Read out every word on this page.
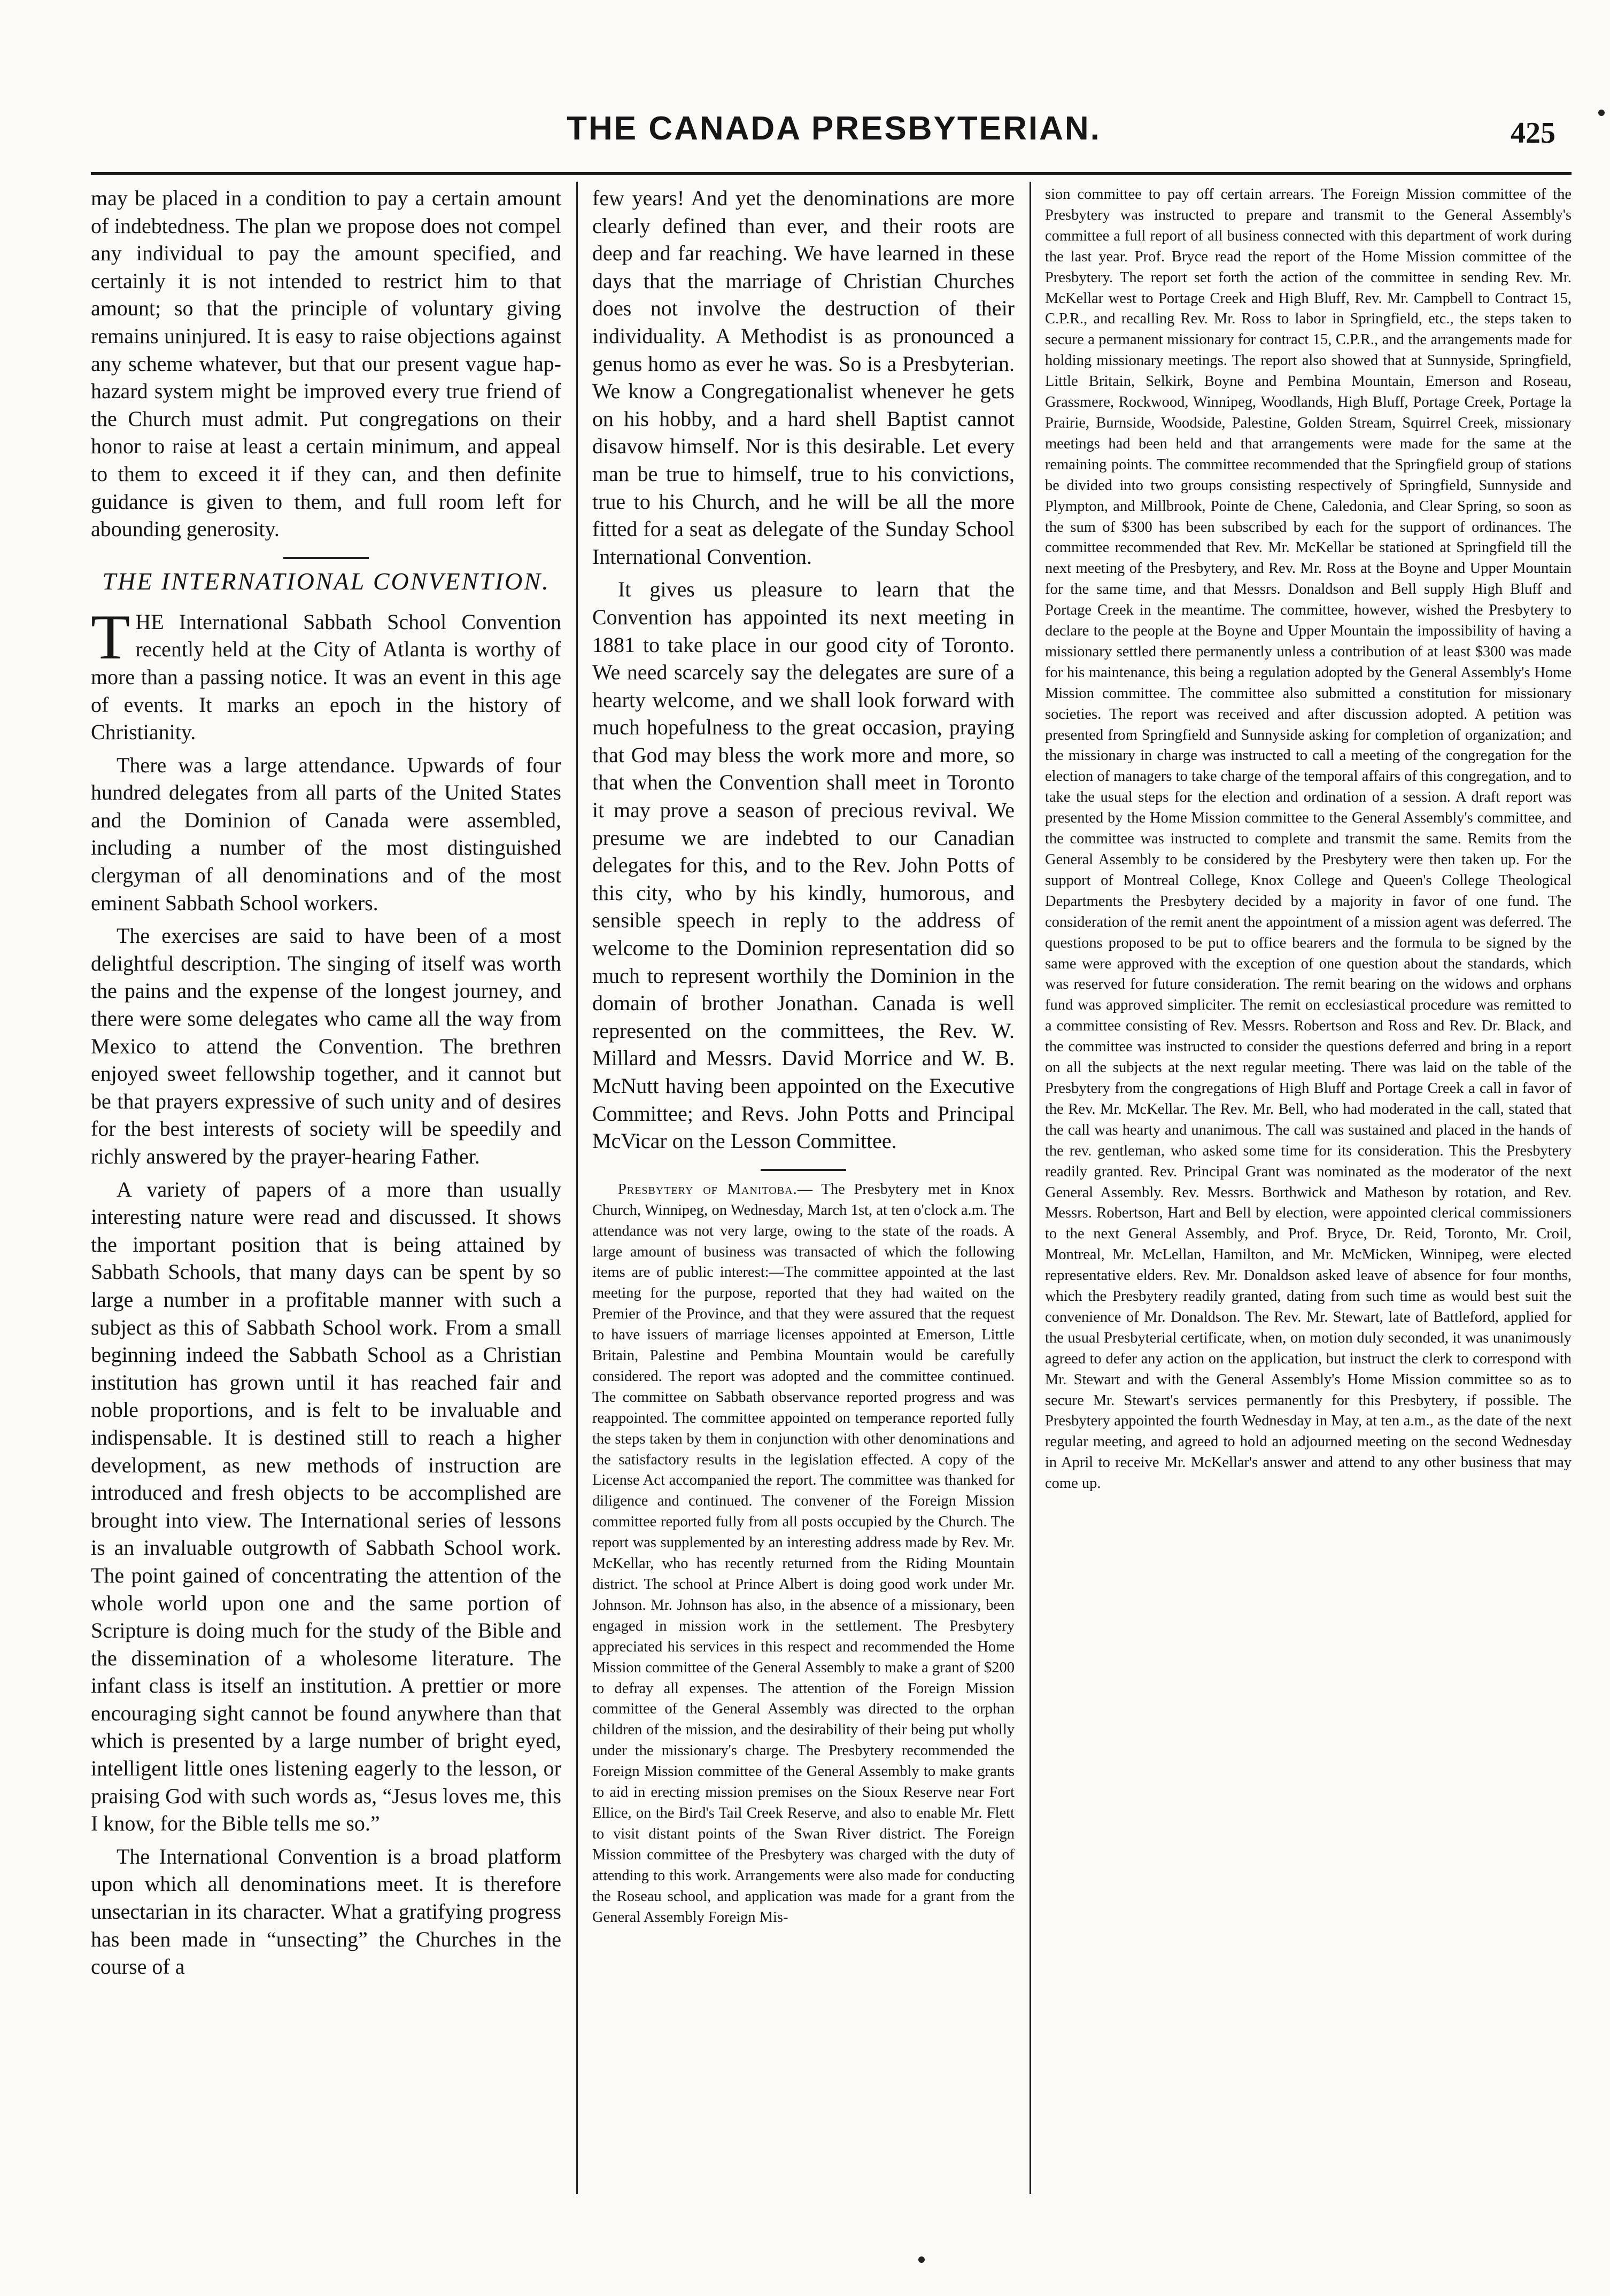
THE CANADA PRESBYTERIAN.	425

may be placed in a condition to pay a certain amount of indebtedness. The plan we propose does not compel any individual to pay the amount specified, and certainly it is not intended to restrict him to that amount; so that the principle of voluntary giving remains uninjured. It is easy to raise objections against any scheme whatever, but that our present vague hap-hazard system might be improved every true friend of the Church must admit. Put congregations on their honor to raise at least a certain minimum, and appeal to them to exceed it if they can, and then definite guidance is given to them, and full room left for abounding generosity.

THE INTERNATIONAL CONVENTION.

THE International Sabbath School Convention recently held at the City of Atlanta is worthy of more than a passing notice. It was an event in this age of events. It marks an epoch in the history of Christianity.

There was a large attendance. Upwards of four hundred delegates from all parts of the United States and the Dominion of Canada were assembled, including a number of the most distinguished clergyman of all denominations and of the most eminent Sabbath School workers.

The exercises are said to have been of a most delightful description. The singing of itself was worth the pains and the expense of the longest journey, and there were some delegates who came all the way from Mexico to attend the Convention. The brethren enjoyed sweet fellowship together, and it cannot but be that prayers expressive of such unity and of desires for the best interests of society will be speedily and richly answered by the prayer-hearing Father.

A variety of papers of a more than usually interesting nature were read and discussed. It shows the important position that is being attained by Sabbath Schools, that many days can be spent by so large a number in a profitable manner with such a subject as this of Sabbath School work. From a small beginning indeed the Sabbath School as a Christian institution has grown until it has reached fair and noble proportions, and is felt to be invaluable and indispensable. It is destined still to reach a higher development, as new methods of instruction are introduced and fresh objects to be accomplished are brought into view. The International series of lessons is an invaluable outgrowth of Sabbath School work. The point gained of concentrating the attention of the whole world upon one and the same portion of Scripture is doing much for the study of the Bible and the dissemination of a wholesome literature. The infant class is itself an institution. A prettier or more encouraging sight cannot be found anywhere than that which is presented by a large number of bright eyed, intelligent little ones listening eagerly to the lesson, or praising God with such words as, “Jesus loves me, this I know, for the Bible tells me so.”

The International Convention is a broad platform upon which all denominations meet. It is therefore unsectarian in its character. What a gratifying progress has been made in “unsecting” the Churches in the course of a

few years! And yet the denominations are more clearly defined than ever, and their roots are deep and far reaching. We have learned in these days that the marriage of Christian Churches does not involve the destruction of their individuality. A Methodist is as pronounced a genus homo as ever he was. So is a Presbyterian. We know a Congregationalist whenever he gets on his hobby, and a hard shell Baptist cannot disavow himself. Nor is this desirable. Let every man be true to himself, true to his convictions, true to his Church, and he will be all the more fitted for a seat as delegate of the Sunday School International Convention.

It gives us pleasure to learn that the Convention has appointed its next meeting in 1881 to take place in our good city of Toronto. We need scarcely say the delegates are sure of a hearty welcome, and we shall look forward with much hopefulness to the great occasion, praying that God may bless the work more and more, so that when the Convention shall meet in Toronto it may prove a season of precious revival. We presume we are indebted to our Canadian delegates for this, and to the Rev. John Potts of this city, who by his kindly, humorous, and sensible speech in reply to the address of welcome to the Dominion representation did so much to represent worthily the Dominion in the domain of brother Jonathan. Canada is well represented on the committees, the Rev. W. Millard and Messrs. David Morrice and W. B. McNutt having been appointed on the Executive Committee; and Revs. John Potts and Principal McVicar on the Lesson Committee.

Presbytery of Manitoba.— The Presbytery met in Knox Church, Winnipeg, on Wednesday, March 1st, at ten o'clock a.m. The attendance was not very large, owing to the state of the roads. A large amount of business was transacted of which the following items are of public interest:—The committee appointed at the last meeting for the purpose, reported that they had waited on the Premier of the Province, and that they were assured that the request to have issuers of marriage licenses appointed at Emerson, Little Britain, Palestine and Pembina Mountain would be carefully considered. The report was adopted and the committee continued. The committee on Sabbath observance reported progress and was reappointed. The committee appointed on temperance reported fully the steps taken by them in conjunction with other denominations and the satisfactory results in the legislation effected. A copy of the License Act accompanied the report. The committee was thanked for diligence and continued. The convener of the Foreign Mission committee reported fully from all posts occupied by the Church. The report was supplemented by an interesting address made by Rev. Mr. McKellar, who has recently returned from the Riding Mountain district. The school at Prince Albert is doing good work under Mr. Johnson. Mr. Johnson has also, in the absence of a missionary, been engaged in mission work in the settlement. The Presbytery appreciated his services in this respect and recommended the Home Mission committee of the General Assembly to make a grant of $200 to defray all expenses. The attention of the Foreign Mission committee of the General Assembly was directed to the orphan children of the mission, and the desirability of their being put wholly under the missionary's charge. The Presbytery recommended the Foreign Mission committee of the General Assembly to make grants to aid in erecting mission premises on the Sioux Reserve near Fort Ellice, on the Bird's Tail Creek Reserve, and also to enable Mr. Flett to visit distant points of the Swan River district. The Foreign Mission committee of the Presbytery was charged with the duty of attending to this work. Arrangements were also made for conducting the Roseau school, and application was made for a grant from the General Assembly Foreign Mis-

sion committee to pay off certain arrears. The Foreign Mission committee of the Presbytery was instructed to prepare and transmit to the General Assembly's committee a full report of all business connected with this department of work during the last year. Prof. Bryce read the report of the Home Mission committee of the Presbytery. The report set forth the action of the committee in sending Rev. Mr. McKellar west to Portage Creek and High Bluff, Rev. Mr. Campbell to Contract 15, C.P.R., and recalling Rev. Mr. Ross to labor in Springfield, etc., the steps taken to secure a permanent missionary for contract 15, C.P.R., and the arrangements made for holding missionary meetings. The report also showed that at Sunnyside, Springfield, Little Britain, Selkirk, Boyne and Pembina Mountain, Emerson and Roseau, Grassmere, Rockwood, Winnipeg, Woodlands, High Bluff, Portage Creek, Portage la Prairie, Burnside, Woodside, Palestine, Golden Stream, Squirrel Creek, missionary meetings had been held and that arrangements were made for the same at the remaining points. The committee recommended that the Springfield group of stations be divided into two groups consisting respectively of Springfield, Sunnyside and Plympton, and Millbrook, Pointe de Chene, Caledonia, and Clear Spring, so soon as the sum of $300 has been subscribed by each for the support of ordinances. The committee recommended that Rev. Mr. McKellar be stationed at Springfield till the next meeting of the Presbytery, and Rev. Mr. Ross at the Boyne and Upper Mountain for the same time, and that Messrs. Donaldson and Bell supply High Bluff and Portage Creek in the meantime. The committee, however, wished the Presbytery to declare to the people at the Boyne and Upper Mountain the impossibility of having a missionary settled there permanently unless a contribution of at least $300 was made for his maintenance, this being a regulation adopted by the General Assembly's Home Mission committee. The committee also submitted a constitution for missionary societies. The report was received and after discussion adopted. A petition was presented from Springfield and Sunnyside asking for completion of organization; and the missionary in charge was instructed to call a meeting of the congregation for the election of managers to take charge of the temporal affairs of this congregation, and to take the usual steps for the election and ordination of a session. A draft report was presented by the Home Mission committee to the General Assembly's committee, and the committee was instructed to complete and transmit the same. Remits from the General Assembly to be considered by the Presbytery were then taken up. For the support of Montreal College, Knox College and Queen's College Theological Departments the Presbytery decided by a majority in favor of one fund. The consideration of the remit anent the appointment of a mission agent was deferred. The questions proposed to be put to office bearers and the formula to be signed by the same were approved with the exception of one question about the standards, which was reserved for future consideration. The remit bearing on the widows and orphans fund was approved simpliciter. The remit on ecclesiastical procedure was remitted to a committee consisting of Rev. Messrs. Robertson and Ross and Rev. Dr. Black, and the committee was instructed to consider the questions deferred and bring in a report on all the subjects at the next regular meeting. There was laid on the table of the Presbytery from the congregations of High Bluff and Portage Creek a call in favor of the Rev. Mr. McKellar. The Rev. Mr. Bell, who had moderated in the call, stated that the call was hearty and unanimous. The call was sustained and placed in the hands of the rev. gentleman, who asked some time for its consideration. This the Presbytery readily granted. Rev. Principal Grant was nominated as the moderator of the next General Assembly. Rev. Messrs. Borthwick and Matheson by rotation, and Rev. Messrs. Robertson, Hart and Bell by election, were appointed clerical commissioners to the next General Assembly, and Prof. Bryce, Dr. Reid, Toronto, Mr. Croil, Montreal, Mr. McLellan, Hamilton, and Mr. McMicken, Winnipeg, were elected representative elders. Rev. Mr. Donaldson asked leave of absence for four months, which the Presbytery readily granted, dating from such time as would best suit the convenience of Mr. Donaldson. The Rev. Mr. Stewart, late of Battleford, applied for the usual Presbyterial certificate, when, on motion duly seconded, it was unanimously agreed to defer any action on the application, but instruct the clerk to correspond with Mr. Stewart and with the General Assembly's Home Mission committee so as to secure Mr. Stewart's services permanently for this Presbytery, if possible. The Presbytery appointed the fourth Wednesday in May, at ten a.m., as the date of the next regular meeting, and agreed to hold an adjourned meeting on the second Wednesday in April to receive Mr. McKellar's answer and attend to any other business that may come up.
